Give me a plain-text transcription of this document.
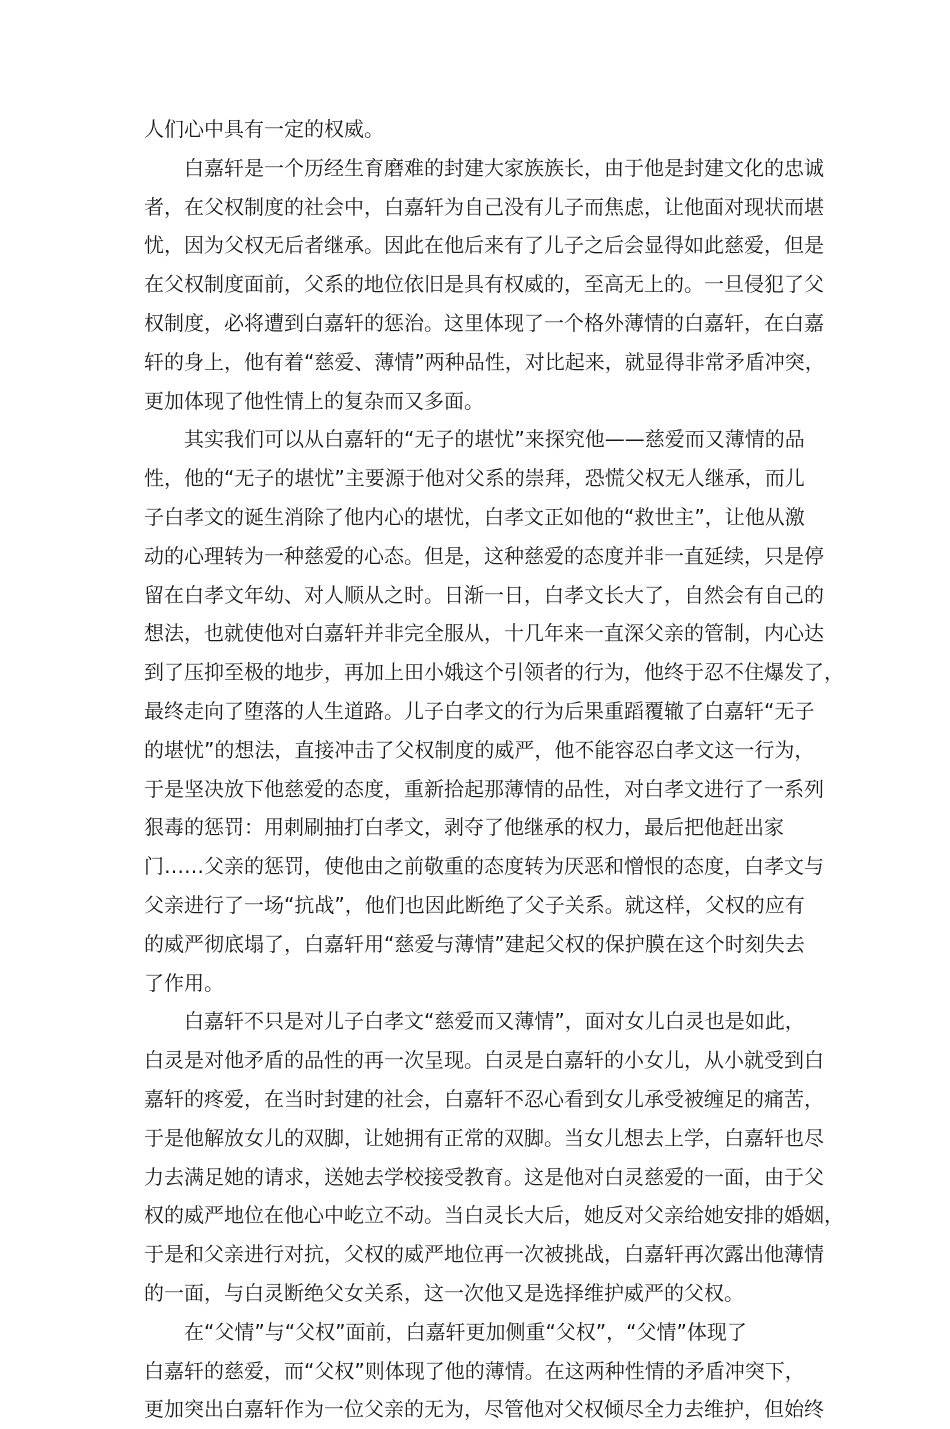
人们心中具有一定的权威。

白嘉轩是一个历经生育磨难的封建大家族族长，由于他是封建文化的忠诚
者，在父权制度的社会中，白嘉轩为自己没有儿子而焦虑，让他面对现状而堪
忧，因为父权无后者继承。因此在他后来有了儿子之后会显得如此慈爱，但是
在父权制度面前，父系的地位依旧是具有权威的，至高无上的。一旦侵犯了父
权制度，必将遭到白嘉轩的惩治。这里体现了一个格外薄情的白嘉轩，在白嘉
轩的身上，他有着“慈爱、薄情”两种品性，对比起来，就显得非常矛盾冲突，
更加体现了他性情上的复杂而又多面。

其实我们可以从白嘉轩的“无子的堪忧”来探究他——慈爱而又薄情的品
性，他的“无子的堪忧”主要源于他对父系的崇拜，恐慌父权无人继承，而儿
子白孝文的诞生消除了他内心的堪忧，白孝文正如他的“救世主”，让他从激
动的心理转为一种慈爱的心态。但是，这种慈爱的态度并非一直延续，只是停
留在白孝文年幼、对人顺从之时。日渐一日，白孝文长大了，自然会有自己的
想法，也就使他对白嘉轩并非完全服从，十几年来一直深父亲的管制，内心达
到了压抑至极的地步，再加上田小娥这个引领者的行为，他终于忍不住爆发了，
最终走向了堕落的人生道路。儿子白孝文的行为后果重蹈覆辙了白嘉轩“无子
的堪忧”的想法，直接冲击了父权制度的威严，他不能容忍白孝文这一行为，
于是坚决放下他慈爱的态度，重新拾起那薄情的品性，对白孝文进行了一系列
狠毒的惩罚：用刺刷抽打白孝文，剥夺了他继承的权力，最后把他赶出家
门……父亲的惩罚，使他由之前敬重的态度转为厌恶和憎恨的态度，白孝文与
父亲进行了一场“抗战”，他们也因此断绝了父子关系。就这样，父权的应有
的威严彻底塌了，白嘉轩用“慈爱与薄情”建起父权的保护膜在这个时刻失去
了作用。

白嘉轩不只是对儿子白孝文“慈爱而又薄情”，面对女儿白灵也是如此，
白灵是对他矛盾的品性的再一次呈现。白灵是白嘉轩的小女儿，从小就受到白
嘉轩的疼爱，在当时封建的社会，白嘉轩不忍心看到女儿承受被缠足的痛苦，
于是他解放女儿的双脚，让她拥有正常的双脚。当女儿想去上学，白嘉轩也尽
力去满足她的请求，送她去学校接受教育。这是他对白灵慈爱的一面，由于父
权的威严地位在他心中屹立不动。当白灵长大后，她反对父亲给她安排的婚姻，
于是和父亲进行对抗，父权的威严地位再一次被挑战，白嘉轩再次露出他薄情
的一面，与白灵断绝父女关系，这一次他又是选择维护威严的父权。

在“父情”与“父权”面前，白嘉轩更加侧重“父权”，“父情”体现了
白嘉轩的慈爱，而“父权”则体现了他的薄情。在这两种性情的矛盾冲突下，
更加突出白嘉轩作为一位父亲的无为，尽管他对父权倾尽全力去维护，但始终
